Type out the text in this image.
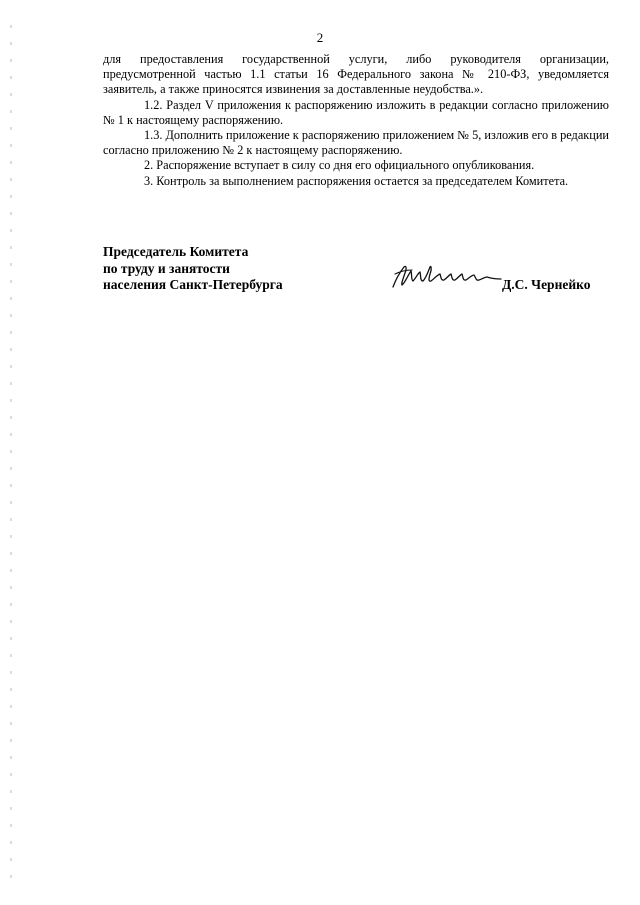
2

для предоставления государственной услуги, либо руководителя организации, предусмотренной частью 1.1 статьи 16 Федерального закона № 210-ФЗ, уведомляется заявитель, а также приносятся извинения за доставленные неудобства.».

1.2. Раздел V приложения к распоряжению изложить в редакции согласно приложению № 1 к настоящему распоряжению.

1.3. Дополнить приложение к распоряжению приложением № 5, изложив его в редакции согласно приложению № 2 к настоящему распоряжению.

2. Распоряжение вступает в силу со дня его официального опубликования.

3. Контроль за выполнением распоряжения остается за председателем Комитета.

Председатель Комитета
по труду и занятости
населения Санкт-Петербурга	Д.С. Чернейко
